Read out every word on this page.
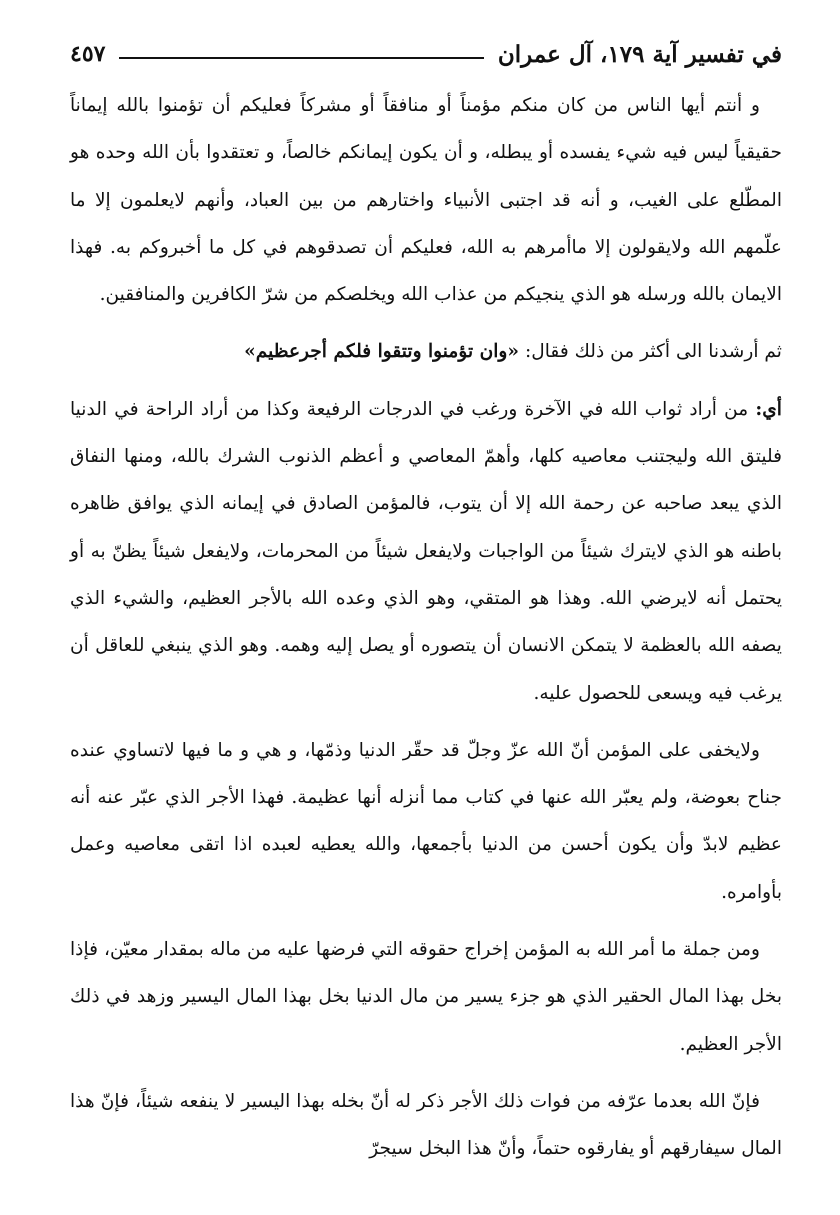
في تفسير آية ١٧٩، آل عمران
٤٥٧

و أنتم أيها الناس من كان منكم مؤمناً أو منافقاً أو مشركاً فعليكم أن تؤمنوا بالله إيماناً حقيقياً ليس فيه شيء يفسده أو يبطله، و أن يكون إيمانكم خالصاً، و تعتقدوا بأن الله وحده هو المطّلع على الغيب، و أنه قد اجتبى الأنبياء واختارهم من بين العباد، وأنهم لايعلمون إلا ما علّمهم الله ولايقولون إلا ماأمرهم به الله، فعليكم أن تصدقوهم في كل ما أخبروكم به. فهذا الايمان بالله ورسله هو الذي ينجيكم من عذاب الله ويخلصكم من شرّ الكافرين والمنافقين.

ثم أرشدنا الى أكثر من ذلك فقال: «وان تؤمنوا وتتقوا فلكم أجرعظيم»

أي: من أراد ثواب الله في الآخرة ورغب في الدرجات الرفيعة وكذا من أراد الراحة في الدنيا فليتق الله وليجتنب معاصيه كلها، وأهمّ المعاصي و أعظم الذنوب الشرك بالله، ومنها النفاق الذي يبعد صاحبه عن رحمة الله إلا أن يتوب، فالمؤمن الصادق في إيمانه الذي يوافق ظاهره باطنه هو الذي لايترك شيئاً من الواجبات ولايفعل شيئاً من المحرمات، ولايفعل شيئاً يظنّ به أو يحتمل أنه لايرضي الله. وهذا هو المتقي، وهو الذي وعده الله بالأجر العظيم، والشيء الذي يصفه الله بالعظمة لا يتمكن الانسان أن يتصوره أو يصل إليه وهمه. وهو الذي ينبغي للعاقل أن يرغب فيه ويسعى للحصول عليه.

ولايخفى على المؤمن أنّ الله عزّ وجلّ قد حقّر الدنيا وذمّها، و هي و ما فيها لاتساوي عنده جناح بعوضة، ولم يعبّر الله عنها في كتاب مما أنزله أنها عظيمة. فهذا الأجر الذي عبّر عنه أنه عظيم لابدّ وأن يكون أحسن من الدنيا بأجمعها، والله يعطيه لعبده اذا اتقى معاصيه وعمل بأوامره.

ومن جملة ما أمر الله به المؤمن إخراج حقوقه التي فرضها عليه من ماله بمقدار معيّن، فإذا بخل بهذا المال الحقير الذي هو جزء يسير من مال الدنيا بخل بهذا المال اليسير وزهد في ذلك الأجر العظيم.

فإنّ الله بعدما عرّفه من فوات ذلك الأجر ذكر له أنّ بخله بهذا اليسير لا ينفعه شيئاً، فإنّ هذا المال سيفارقهم أو يفارقوه حتماً، وأنّ هذا البخل سيجرّ
